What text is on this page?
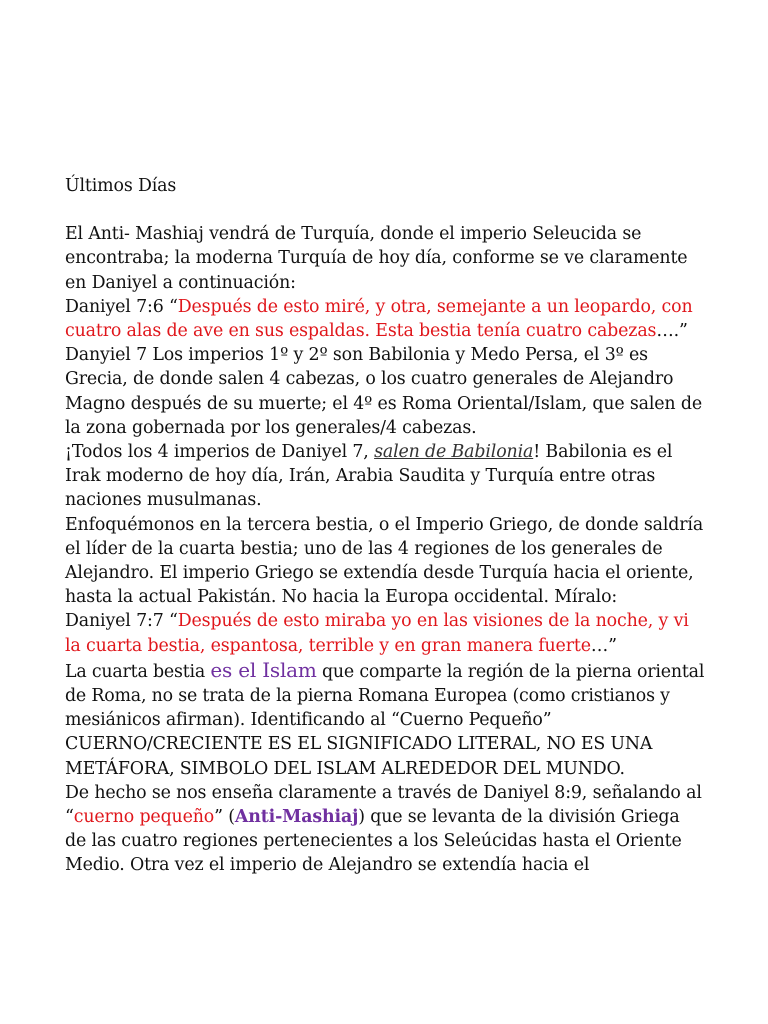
Últimos Días

El Anti- Mashiaj vendrá de Turquía, donde el imperio Seleucida se encontraba; la moderna Turquía de hoy día, conforme se ve claramente en Daniyel a continuación:

Daniyel 7:6 “Después de esto miré, y otra, semejante a un leopardo, con cuatro alas de ave en sus espaldas. Esta bestia tenía cuatro cabezas….”

Danyiel 7 Los imperios 1º y 2º son Babilonia y Medo Persa, el 3º es Grecia, de donde salen 4 cabezas, o los cuatro generales de Alejandro Magno después de su muerte; el 4º es Roma Oriental/Islam, que salen de la zona gobernada por los generales/4 cabezas.

¡Todos los 4 imperios de Daniyel 7, salen de Babilonia! Babilonia es el Irak moderno de hoy día, Irán, Arabia Saudita y Turquía entre otras naciones musulmanas.

Enfoquémonos en la tercera bestia, o el Imperio Griego, de donde saldría el líder de la cuarta bestia; uno de las 4 regiones de los generales de Alejandro. El imperio Griego se extendía desde Turquía hacia el oriente, hasta la actual Pakistán. No hacia la Europa occidental. Míralo:

Daniyel 7:7 “Después de esto miraba yo en las visiones de la noche, y vi la cuarta bestia, espantosa, terrible y en gran manera fuerte…”

La cuarta bestia es el Islam que comparte la región de la pierna oriental de Roma, no se trata de la pierna Romana Europea (como cristianos y mesiánicos afirman). Identificando al “Cuerno Pequeño” CUERNO/CRECIENTE ES EL SIGNIFICADO LITERAL, NO ES UNA METÁFORA, SIMBOLO DEL ISLAM ALREDEDOR DEL MUNDO.

De hecho se nos enseña claramente a través de Daniyel 8:9, señalando al “cuerno pequeño” (Anti-Mashiaj) que se levanta de la división Griega de las cuatro regiones pertenecientes a los Seleúcidas hasta el Oriente Medio. Otra vez el imperio de Alejandro se extendía hacia el
